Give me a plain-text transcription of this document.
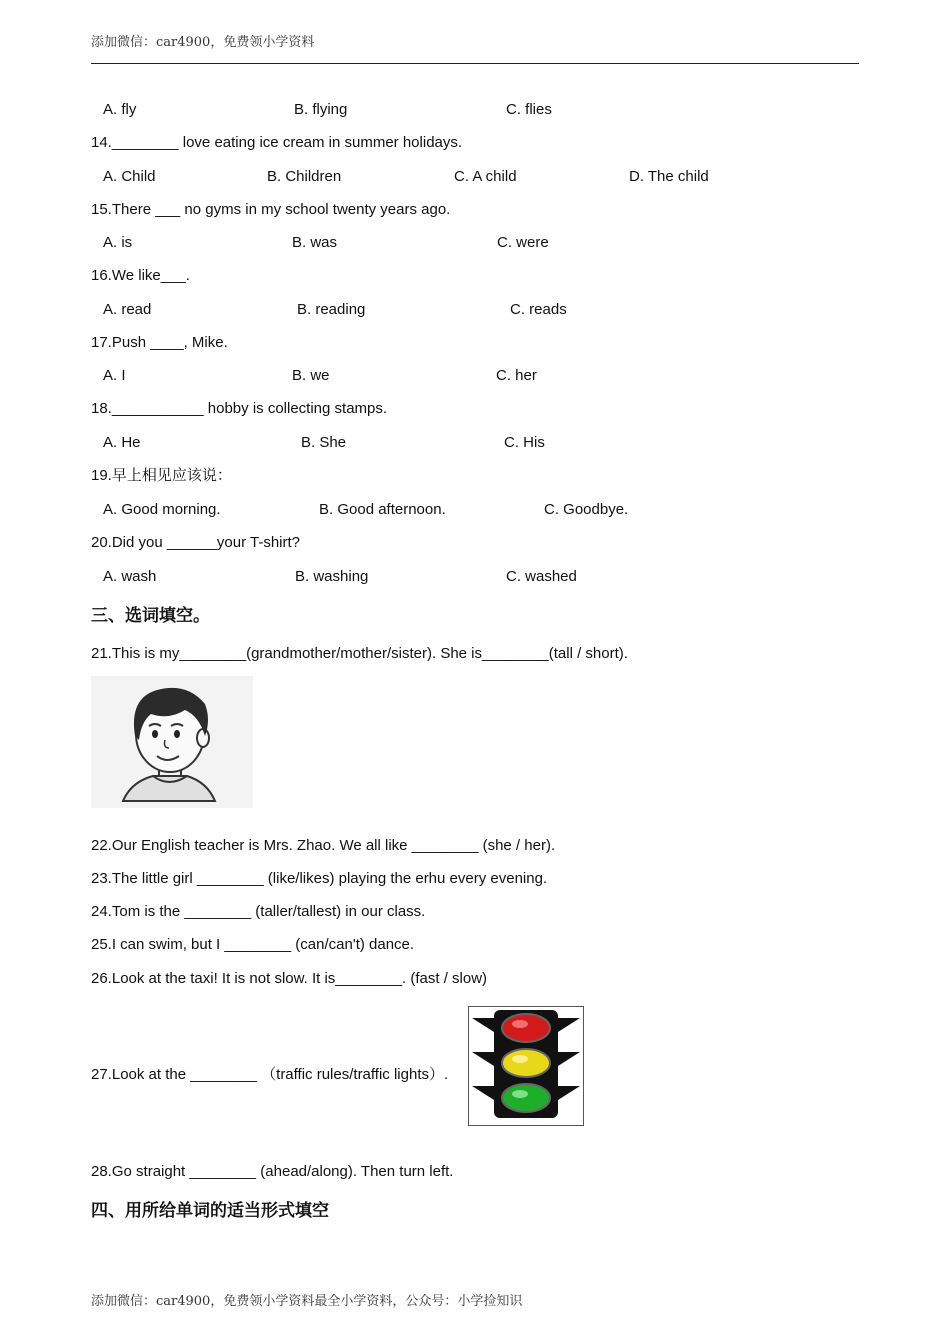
添加微信：car4900，免费领小学资料
A. fly	B. flying	C. flies
14.________ love eating ice cream in summer holidays.
A. Child	B. Children	C. A child	D. The child
15.There ___ no gyms in my school twenty years ago.
A. is	B. was	C. were
16.We like___.
A. read	B. reading	C. reads
17.Push ____, Mike.
A. I	B. we	C. her
18.___________ hobby is collecting stamps.
A. He	B. She	C. His
19.早上相见应该说：
A. Good morning.	B. Good afternoon.	C. Goodbye.
20.Did you ______your T-shirt?
A. wash	B. washing	C. washed
三、选词填空。
21.This is my________(grandmother/mother/sister). She is________(tall / short).
22.Our English teacher is Mrs. Zhao. We all like ________ (she / her).
23.The little girl ________ (like/likes) playing the erhu every evening.
24.Tom is the ________ (taller/tallest) in our class.
25.I can swim, but I ________ (can/can't) dance.
26.Look at the taxi! It is not slow. It is________. (fast / slow)
27.Look at the ________ （traffic rules/traffic lights）.
28.Go straight ________ (ahead/along). Then turn left.
四、用所给单词的适当形式填空
添加微信：car4900，免费领小学资料最全小学资料，公众号：小学捡知识
